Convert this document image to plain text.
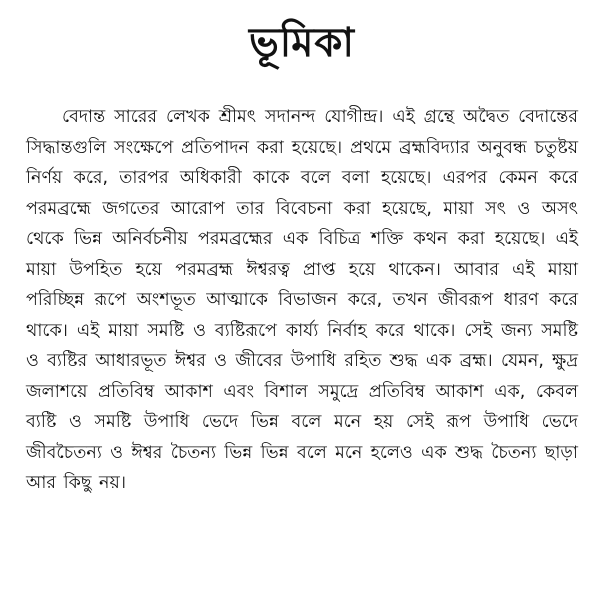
ভূমিকা

বেদান্ত সারের লেখক শ্রীমৎ সদানন্দ যোগীন্দ্র। এই গ্রন্থে অদ্বৈত বেদান্তের সিদ্ধান্তগুলি সংক্ষেপে প্রতিপাদন করা হয়েছে। প্রথমে ব্রহ্মবিদ্যার অনুবন্ধ চতুষ্টয় নির্ণয় করে, তারপর অধিকারী কাকে বলে বলা হয়েছে। এরপর কেমন করে পরমব্রহ্মে জগতের আরোপ তার বিবেচনা করা হয়েছে, মায়া সৎ ও অসৎ থেকে ভিন্ন অনির্বচনীয় পরমব্রহ্মের এক বিচিত্র শক্তি কথন করা হয়েছে। এই মায়া উপহিত হয়ে পরমব্রহ্ম ঈশ্বরত্ব প্রাপ্ত হয়ে থাকেন। আবার এই মায়া পরিচ্ছিন্ন রূপে অংশভূত আত্মাকে বিভাজন করে, তখন জীবরূপ ধারণ করে থাকে। এই মায়া সমষ্টি ও ব্যষ্টিরূপে কার্য্য নির্বাহ করে থাকে। সেই জন্য সমষ্টি ও ব্যষ্টির আধারভূত ঈশ্বর ও জীবের উপাধি রহিত শুদ্ধ এক ব্রহ্ম। যেমন, ক্ষুদ্র জলাশয়ে প্রতিবিম্ব আকাশ এবং বিশাল সমুদ্রে প্রতিবিম্ব আকাশ এক, কেবল ব্যষ্টি ও সমষ্টি উপাধি ভেদে ভিন্ন বলে মনে হয় সেই রূপ উপাধি ভেদে জীবচৈতন্য ও ঈশ্বর চৈতন্য ভিন্ন ভিন্ন বলে মনে হলেও এক শুদ্ধ চৈতন্য ছাড়া আর কিছু নয়।
